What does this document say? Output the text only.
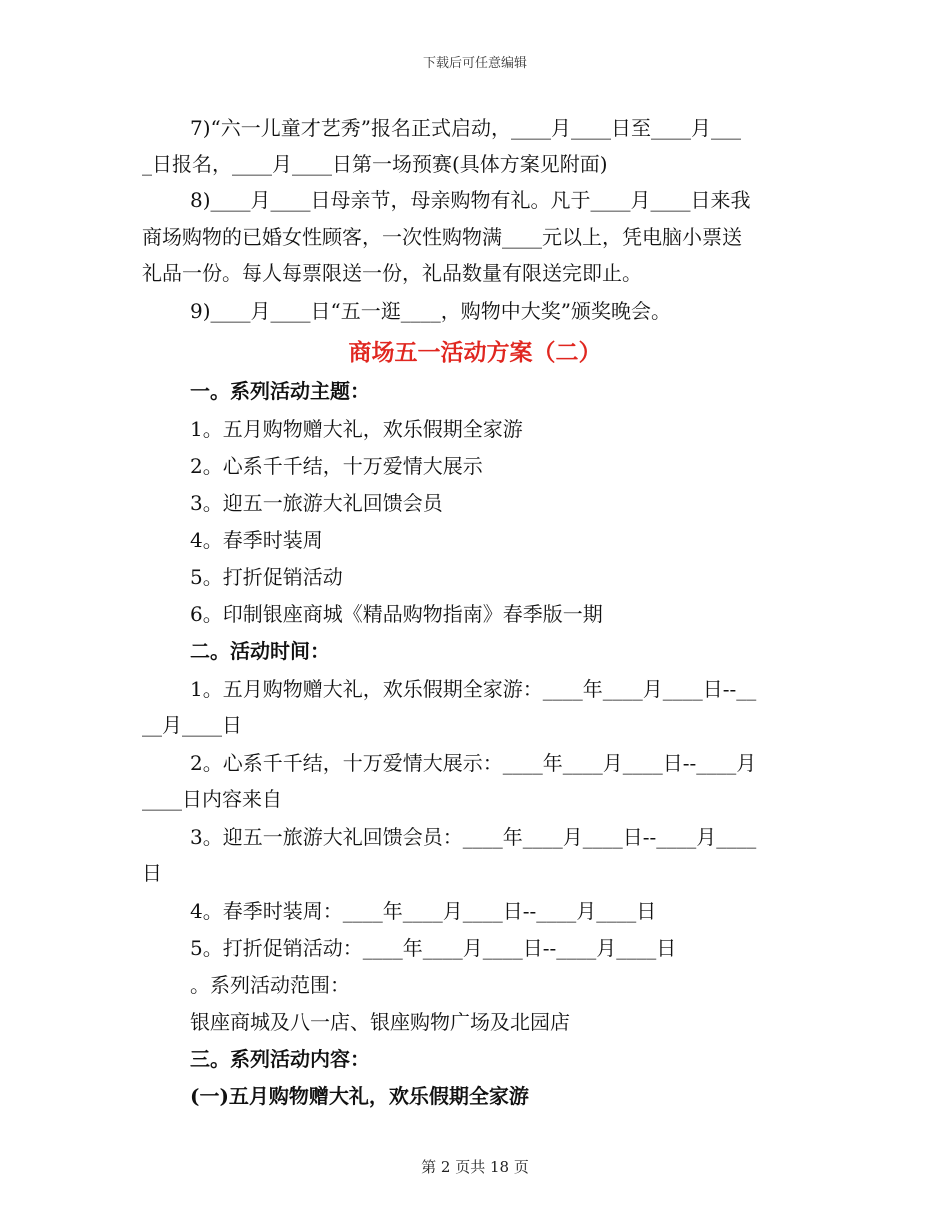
下载后可任意编辑
7)“六一儿童才艺秀”报名正式启动，____月____日至____月___
_日报名，____月____日第一场预赛(具体方案见附面)
8)____月____日母亲节，母亲购物有礼。凡于____月____日来我
商场购物的已婚女性顾客，一次性购物满____元以上，凭电脑小票送
礼品一份。每人每票限送一份，礼品数量有限送完即止。
9)____月____日“五一逛____，购物中大奖”颁奖晚会。
商场五一活动方案（二）
一。系列活动主题：
1。五月购物赠大礼，欢乐假期全家游
2。心系千千结，十万爱情大展示
3。迎五一旅游大礼回馈会员
4。春季时装周
5。打折促销活动
6。印制银座商城《精品购物指南》春季版一期
二。活动时间：
1。五月购物赠大礼，欢乐假期全家游：____年____月____日--__
__月____日
2。心系千千结，十万爱情大展示：____年____月____日--____月
____日内容来自
3。迎五一旅游大礼回馈会员：____年____月____日--____月____
日
4。春季时装周：____年____月____日--____月____日
5。打折促销活动：____年____月____日--____月____日
。系列活动范围：
银座商城及八一店、银座购物广场及北园店
三。系列活动内容：
(一)五月购物赠大礼，欢乐假期全家游
第 2 页共 18 页
